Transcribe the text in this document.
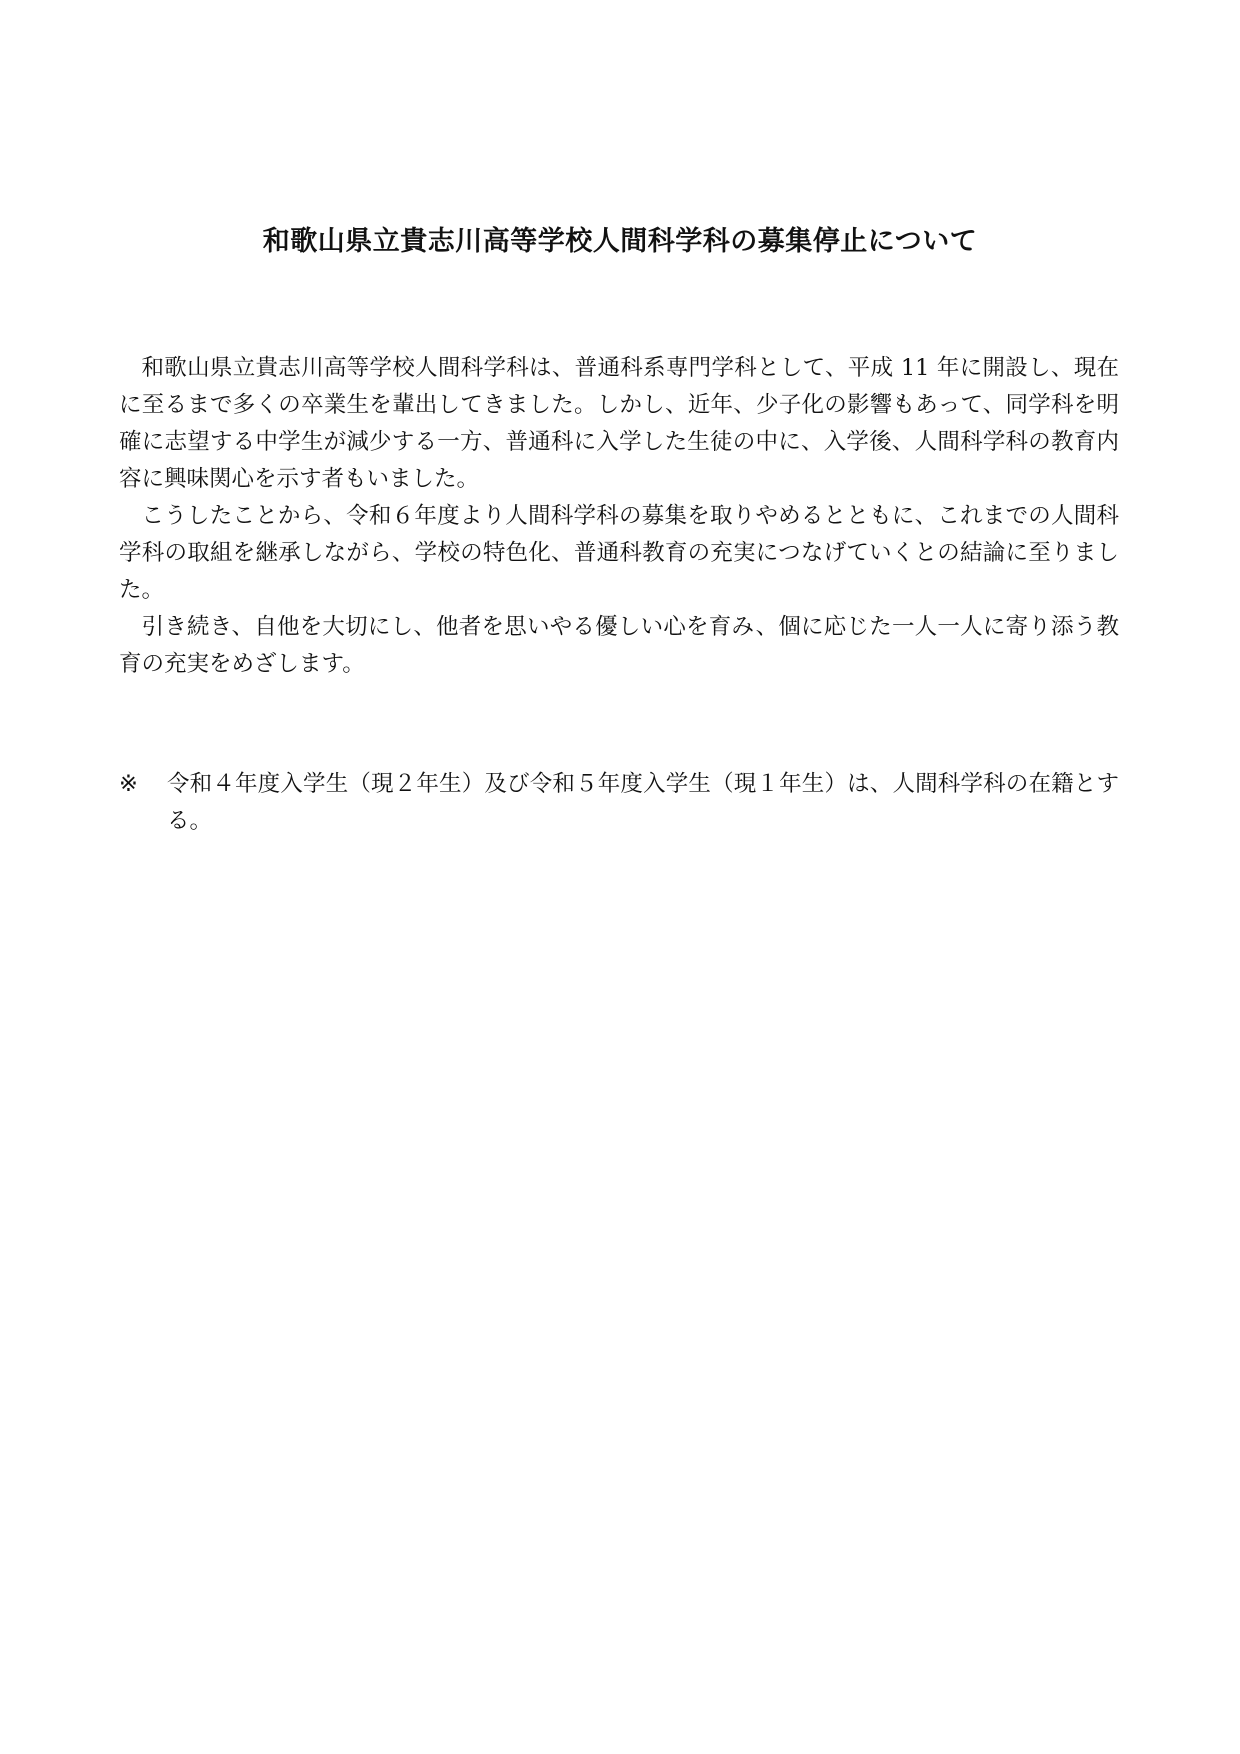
和歌山県立貴志川高等学校人間科学科の募集停止について

和歌山県立貴志川高等学校人間科学科は、普通科系専門学科として、平成 11 年に開設し、現在に至るまで多くの卒業生を輩出してきました。しかし、近年、少子化の影響もあって、同学科を明確に志望する中学生が減少する一方、普通科に入学した生徒の中に、入学後、人間科学科の教育内容に興味関心を示す者もいました。

こうしたことから、令和６年度より人間科学科の募集を取りやめるとともに、これまでの人間科学科の取組を継承しながら、学校の特色化、普通科教育の充実につなげていくとの結論に至りました。

引き続き、自他を大切にし、他者を思いやる優しい心を育み、個に応じた一人一人に寄り添う教育の充実をめざします。

※	令和４年度入学生（現２年生）及び令和５年度入学生（現１年生）は、人間科学科の在籍とする。
